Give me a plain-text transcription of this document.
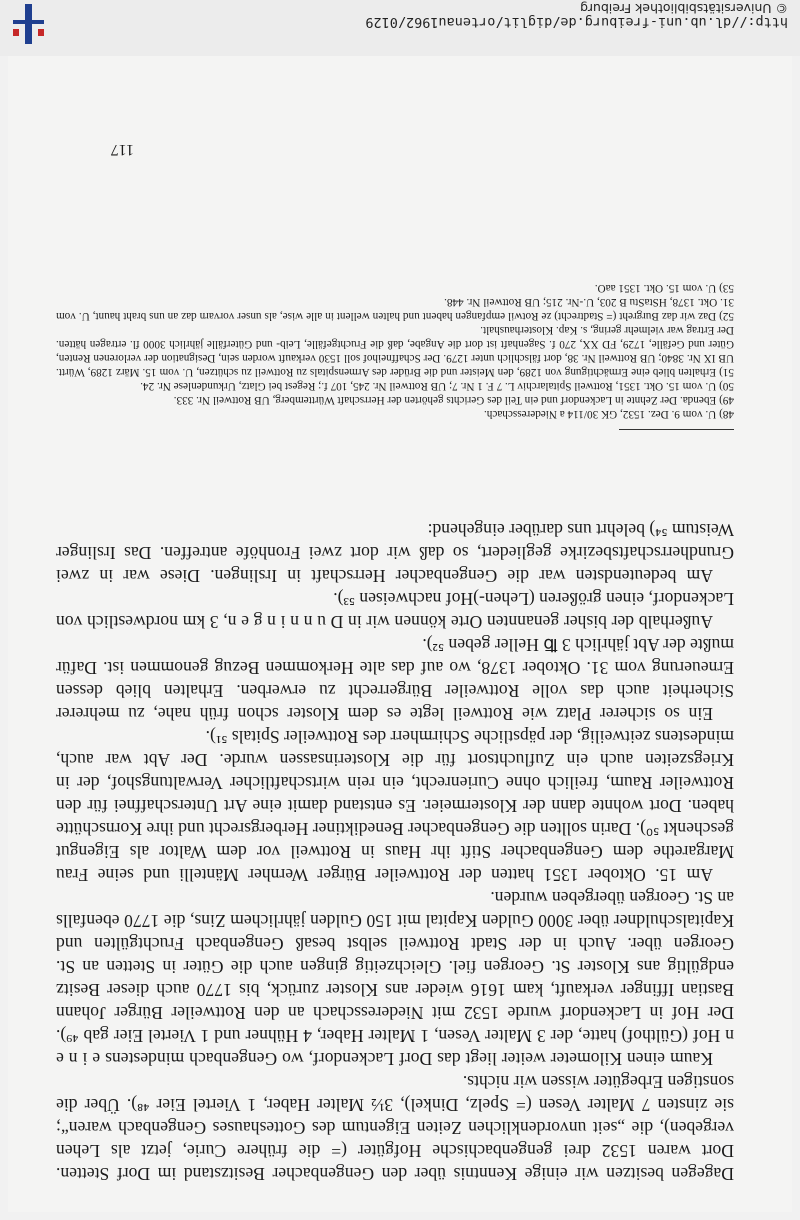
Dagegen besitzen wir einige Kenntnis über den Gengenbacher Besitzstand im Dorf Stetten. Dort waren 1532 drei gengenbachische Hofgüter (= die frühere Curie, jetzt als Lehen vergeben), die „seit unvordenklichen Zeiten Eigentum des Gotteshauses Gengenbach waren“; sie zinsten 7 Malter Vesen (= Spelz, Dinkel), 3½ Malter Haber, 1 Viertel Eier ⁴⁸). Über die sonstigen Erbegüter wissen wir nichts.

Kaum einen Kilometer weiter liegt das Dorf Lackendorf, wo Gengenbach mindestens e i n e n Hof (Gülthof) hatte, der 3 Malter Vesen, 1 Malter Haber, 4 Hühner und 1 Viertel Eier gab ⁴⁹). Der Hof in Lackendorf wurde 1532 mit Niederesschach an den Rottweiler Bürger Johann Bastian Iffinger verkauft, kam 1616 wieder ans Kloster zurück, bis 1770 auch dieser Besitz endgültig ans Kloster St. Georgen fiel. Gleichzeitig gingen auch die Güter in Stetten an St. Georgen über. Auch in der Stadt Rottweil selbst besaß Gengenbach Fruchtgülten und Kapitalschuldner über 3000 Gulden Kapital mit 150 Gulden jährlichem Zins, die 1770 ebenfalls an St. Georgen übergeben wurden.

Am 15. Oktober 1351 hatten der Rottweiler Bürger Wernher Mäntelli und seine Frau Margarethe dem Gengenbacher Stift ihr Haus in Rottweil vor dem Waltor als Eigengut geschenkt ⁵⁰). Darin sollten die Gengenbacher Benediktiner Herbergsrecht und ihre Kornschütte haben. Dort wohnte dann der Klostermeier. Es entstand damit eine Art Unterschaffnei für den Rottweiler Raum, freilich ohne Curienrecht, ein rein wirtschaftlicher Verwaltungshof, der in Kriegszeiten auch ein Zufluchtsort für die Klosterinsassen wurde. Der Abt war auch, mindestens zeitweilig, der päpstliche Schirmherr des Rottweiler Spitals ⁵¹).

Ein so sicherer Platz wie Rottweil legte es dem Kloster schon früh nahe, zu mehrerer Sicherheit auch das volle Rottweiler Bürgerrecht zu erwerben. Erhalten blieb dessen Erneuerung vom 31. Oktober 1378, wo auf das alte Herkommen Bezug genommen ist. Dafür mußte der Abt jährlich 3 ℔ Heller geben ⁵²).

Außerhalb der bisher genannten Orte können wir in D u n n i n g e n, 3 km nordwestlich von Lackendorf, einen größeren (Lehen-)Hof nachweisen ⁵³).

Am bedeutendsten war die Gengenbacher Herrschaft in Irslingen. Diese war in zwei Grundherrschaftsbezirke gegliedert, so daß wir dort zwei Fronhöfe antreffen. Das Irslinger Weistum ⁵⁴) belehrt uns darüber eingehend:

48) U. vom 9. Dez. 1532, GK 30/114 a Niederesschach.

49) Ebenda. Der Zehnte in Lackendorf und ein Teil des Gerichts gehörten der Herrschaft Württemberg, UB Rottweil Nr. 333.

50) U. vom 15. Okt. 1351, Rottweil Spitalarchiv L. 7 F. 1 Nr. 7; UB Rottweil Nr. 245, 107 f.; Regest bei Glatz, Urkundenlese Nr. 24.

51) Erhalten blieb eine Ermächtigung von 1289, den Meister und die Brüder des Armenspitals zu Rottweil zu schützen, U. vom 15. März 1289, Württ. UB IX Nr. 3840; UB Rottweil Nr. 38, dort fälschlich unter 1279. Der Schaffneihof soll 1530 verkauft worden sein, Designation der verlorenen Renten, Güter und Gefälle, 1729, FD XX, 270 f. Sagenhaft ist dort die Angabe, daß die Fruchtgefälle, Leib- und Güterfälle jährlich 3000 fl. ertragen hätten. Der Ertrag war vielmehr gering, s. Kap. Klosterhaushalt.

52) Daz wir daz Burgreht (= Stadtrecht) ze Rotwil empfangen habent und halten wellent in alle wise, als unser vorvarn daz an uns braht haunt, U. vom 31. Okt. 1378, HStaStu B 203, U.-Nr. 215; UB Rottweil Nr. 448.

53) U. vom 15. Okt. 1351 aaO.

117
http://dl.ub.uni-freiburg.de/diglit/ortenau1962/0129
© Universitätsbibliothek Freiburg
